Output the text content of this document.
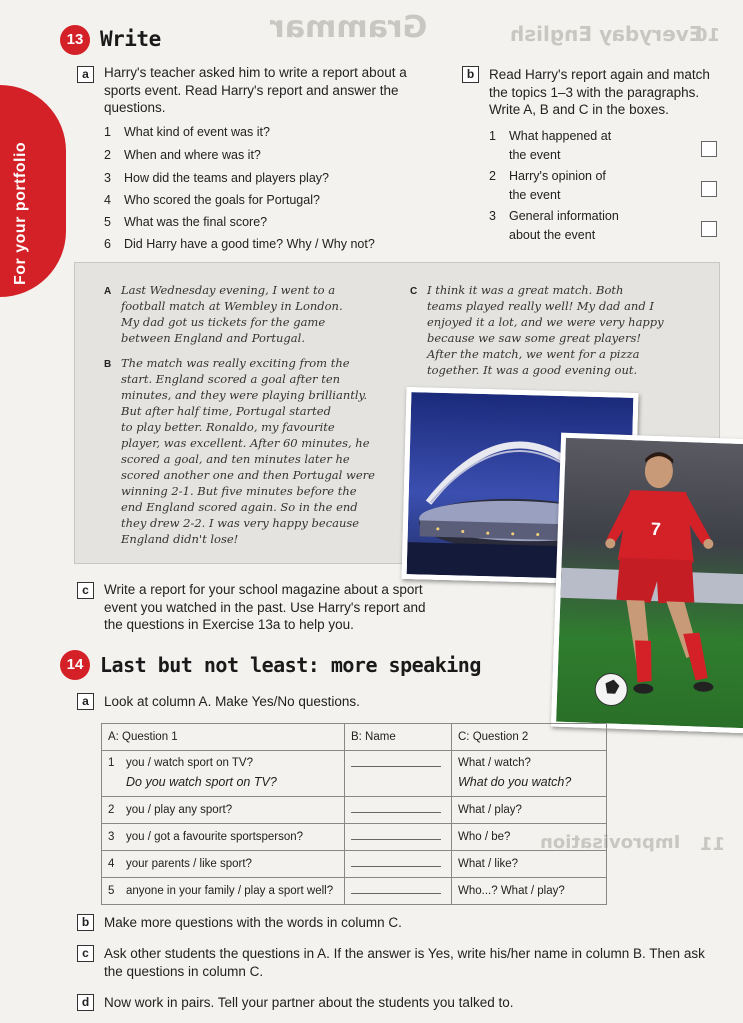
Everyday English
Grammar	10
Improvisation 11
For your portfolio
13 Write
a	Harry's teacher asked him to write a report about a sports event. Read Harry's report and answer the questions.
1 What kind of event was it?
2 When and where was it?
3 How did the teams and players play?
4 Who scored the goals for Portugal?
5 What was the final score?
6 Did Harry have a good time? Why / Why not?
b	Read Harry's report again and match the topics 1–3 with the paragraphs. Write A, B and C in the boxes.
1 What happened at
the event
2 Harry's opinion of
the event
3 General information
about the event
A Last Wednesday evening, I went to a
football match at Wembley in London.
My dad got us tickets for the game
between England and Portugal.
B The match was really exciting from the
start. England scored a goal after ten
minutes, and they were playing brilliantly.
But after half time, Portugal started
to play better. Ronaldo, my favourite
player, was excellent. After 60 minutes, he
scored a goal, and ten minutes later he
scored another one and then Portugal were
winning 2-1. But five minutes before the
end England scored again. So in the end
they drew 2-2. I was very happy because
England didn't lose!
C I think it was a great match. Both
teams played really well! My dad and I
enjoyed it a lot, and we were very happy
because we saw some great players!
After the match, we went for a pizza
together. It was a good evening out.
7
c	Write a report for your school magazine about a sport event you watched in the past. Use Harry's report and the questions in Exercise 13a to help you.
14 Last but not least: more speaking
a	Look at column A. Make Yes/No questions.
A: Question 1	B: Name	C: Question 2
1 you / watch sport on TV?
Do you watch sport on TV?		What / watch?
What do you watch?
2 you / play any sport?		What / play?
3 you / got a favourite sportsperson?		Who / be?
4 your parents / like sport?		What / like?
5 anyone in your family / play a sport well?		Who...? What / play?
b	Make more questions with the words in column C.
c	Ask other students the questions in A. If the answer is Yes, write his/her name in column B. Then ask the questions in column C.
d	Now work in pairs. Tell your partner about the students you talked to.
